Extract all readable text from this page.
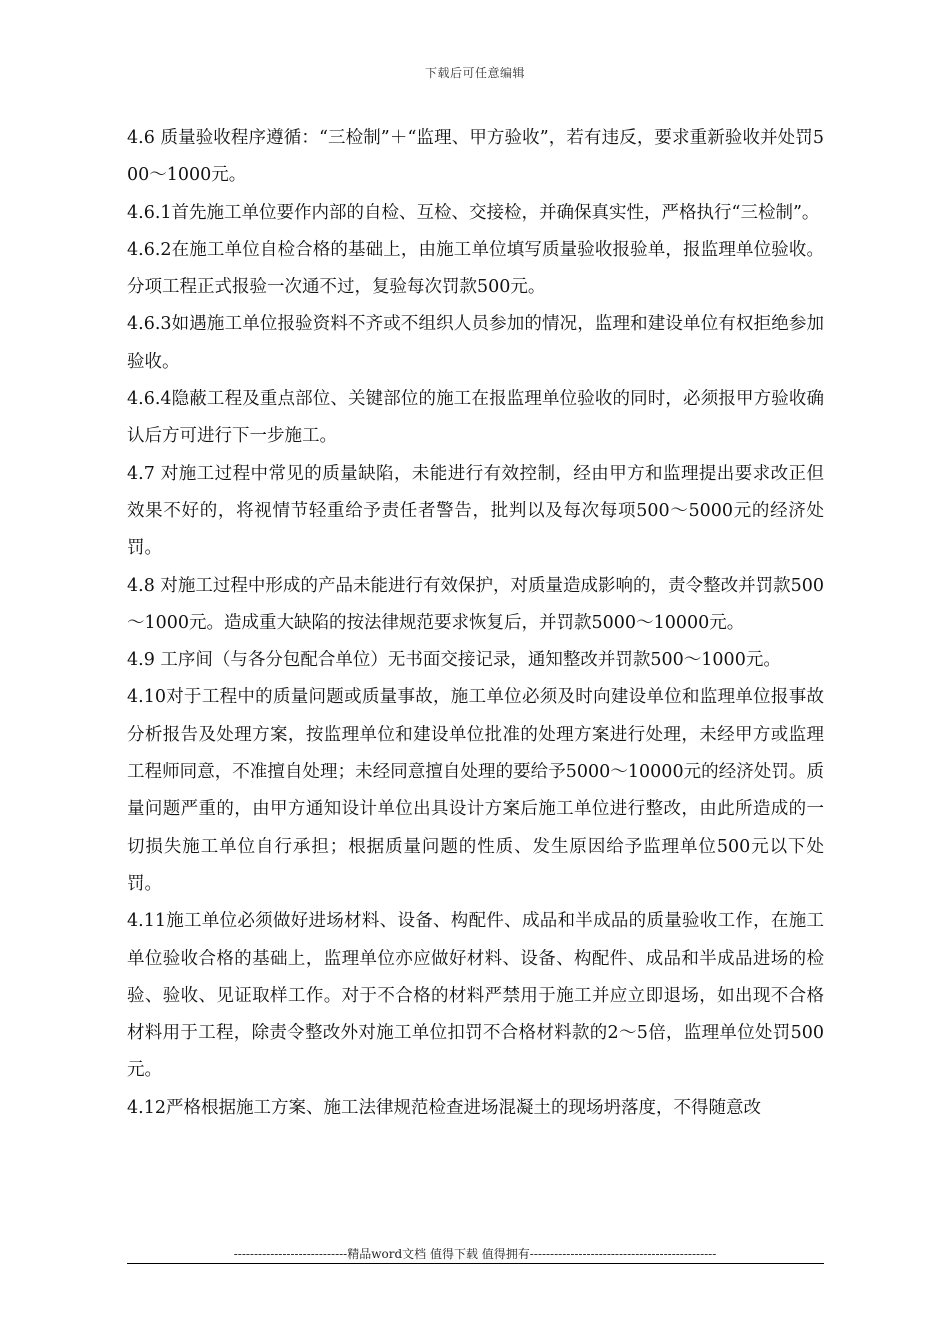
下载后可任意编辑

4.6 质量验收程序遵循：“三检制”＋“监理、甲方验收”，若有违反，要求重新验收并处罚500～1000元。

4.6.1首先施工单位要作内部的自检、互检、交接检，并确保真实性，严格执行“三检制”。

4.6.2在施工单位自检合格的基础上，由施工单位填写质量验收报验单，报监理单位验收。分项工程正式报验一次通不过，复验每次罚款500元。

4.6.3如遇施工单位报验资料不齐或不组织人员参加的情况，监理和建设单位有权拒绝参加验收。

4.6.4隐蔽工程及重点部位、关键部位的施工在报监理单位验收的同时，必须报甲方验收确认后方可进行下一步施工。

4.7 对施工过程中常见的质量缺陷，未能进行有效控制，经由甲方和监理提出要求改正但效果不好的，将视情节轻重给予责任者警告，批判以及每次每项500～5000元的经济处罚。

4.8 对施工过程中形成的产品未能进行有效保护，对质量造成影响的，责令整改并罚款500～1000元。造成重大缺陷的按法律规范要求恢复后，并罚款5000～10000元。

4.9 工序间（与各分包配合单位）无书面交接记录，通知整改并罚款500～1000元。

4.10对于工程中的质量问题或质量事故，施工单位必须及时向建设单位和监理单位报事故分析报告及处理方案，按监理单位和建设单位批准的处理方案进行处理，未经甲方或监理工程师同意，不准擅自处理；未经同意擅自处理的要给予5000～10000元的经济处罚。质量问题严重的，由甲方通知设计单位出具设计方案后施工单位进行整改，由此所造成的一切损失施工单位自行承担；根据质量问题的性质、发生原因给予监理单位500元以下处罚。

4.11施工单位必须做好进场材料、设备、构配件、成品和半成品的质量验收工作，在施工单位验收合格的基础上，监理单位亦应做好材料、设备、构配件、成品和半成品进场的检验、验收、见证取样工作。对于不合格的材料严禁用于施工并应立即退场，如出现不合格材料用于工程，除责令整改外对施工单位扣罚不合格材料款的2～5倍，监理单位处罚500元。

4.12严格根据施工方案、施工法律规范检查进场混凝土的现场坍落度，不得随意改

----------------------------精品word文档 值得下载 值得拥有----------------------------------------------
